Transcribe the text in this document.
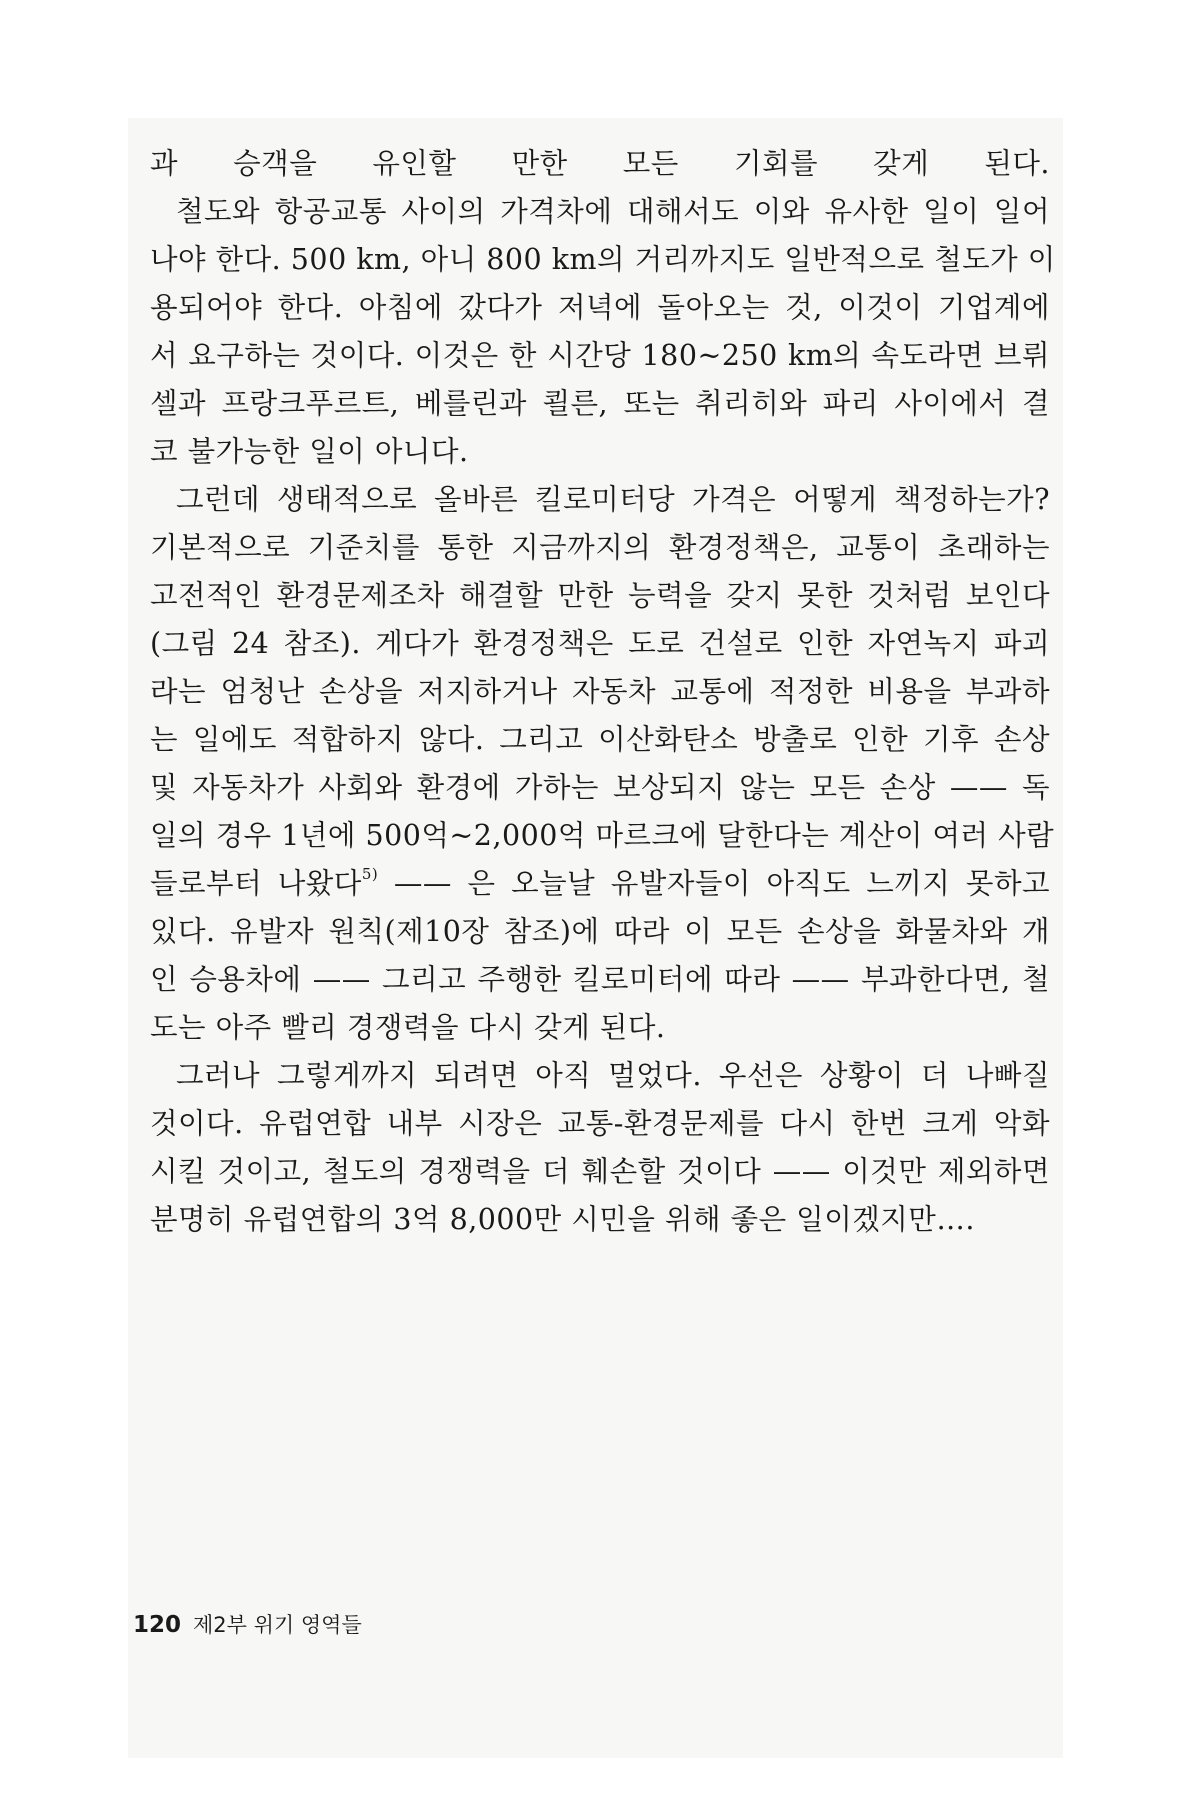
과 승객을 유인할 만한 모든 기회를 갖게 된다.
철도와 항공교통 사이의 가격차에 대해서도 이와 유사한 일이 일어
나야 한다. 500 km, 아니 800 km의 거리까지도 일반적으로 철도가 이
용되어야 한다. 아침에 갔다가 저녁에 돌아오는 것, 이것이 기업계에
서 요구하는 것이다. 이것은 한 시간당 180~250 km의 속도라면 브뤼
셀과 프랑크푸르트, 베를린과 쾰른, 또는 취리히와 파리 사이에서 결
코 불가능한 일이 아니다.
그런데 생태적으로 올바른 킬로미터당 가격은 어떻게 책정하는가?
기본적으로 기준치를 통한 지금까지의 환경정책은, 교통이 초래하는
고전적인 환경문제조차 해결할 만한 능력을 갖지 못한 것처럼 보인다
(그림 24 참조). 게다가 환경정책은 도로 건설로 인한 자연녹지 파괴
라는 엄청난 손상을 저지하거나 자동차 교통에 적정한 비용을 부과하
는 일에도 적합하지 않다. 그리고 이산화탄소 방출로 인한 기후 손상
및 자동차가 사회와 환경에 가하는 보상되지 않는 모든 손상 —— 독
일의 경우 1년에 500억~2,000억 마르크에 달한다는 계산이 여러 사람
들로부터 나왔다$^{5)}$ —— 은 오늘날 유발자들이 아직도 느끼지 못하고
있다. 유발자 원칙(제10장 참조)에 따라 이 모든 손상을 화물차와 개
인 승용차에 —— 그리고 주행한 킬로미터에 따라 —— 부과한다면, 철
도는 아주 빨리 경쟁력을 다시 갖게 된다.
그러나 그렇게까지 되려면 아직 멀었다. 우선은 상황이 더 나빠질
것이다. 유럽연합 내부 시장은 교통-환경문제를 다시 한번 크게 악화
시킬 것이고, 철도의 경쟁력을 더 훼손할 것이다 —— 이것만 제외하면
분명히 유럽연합의 3억 8,000만 시민을 위해 좋은 일이겠지만….
120 제2부 위기 영역들
